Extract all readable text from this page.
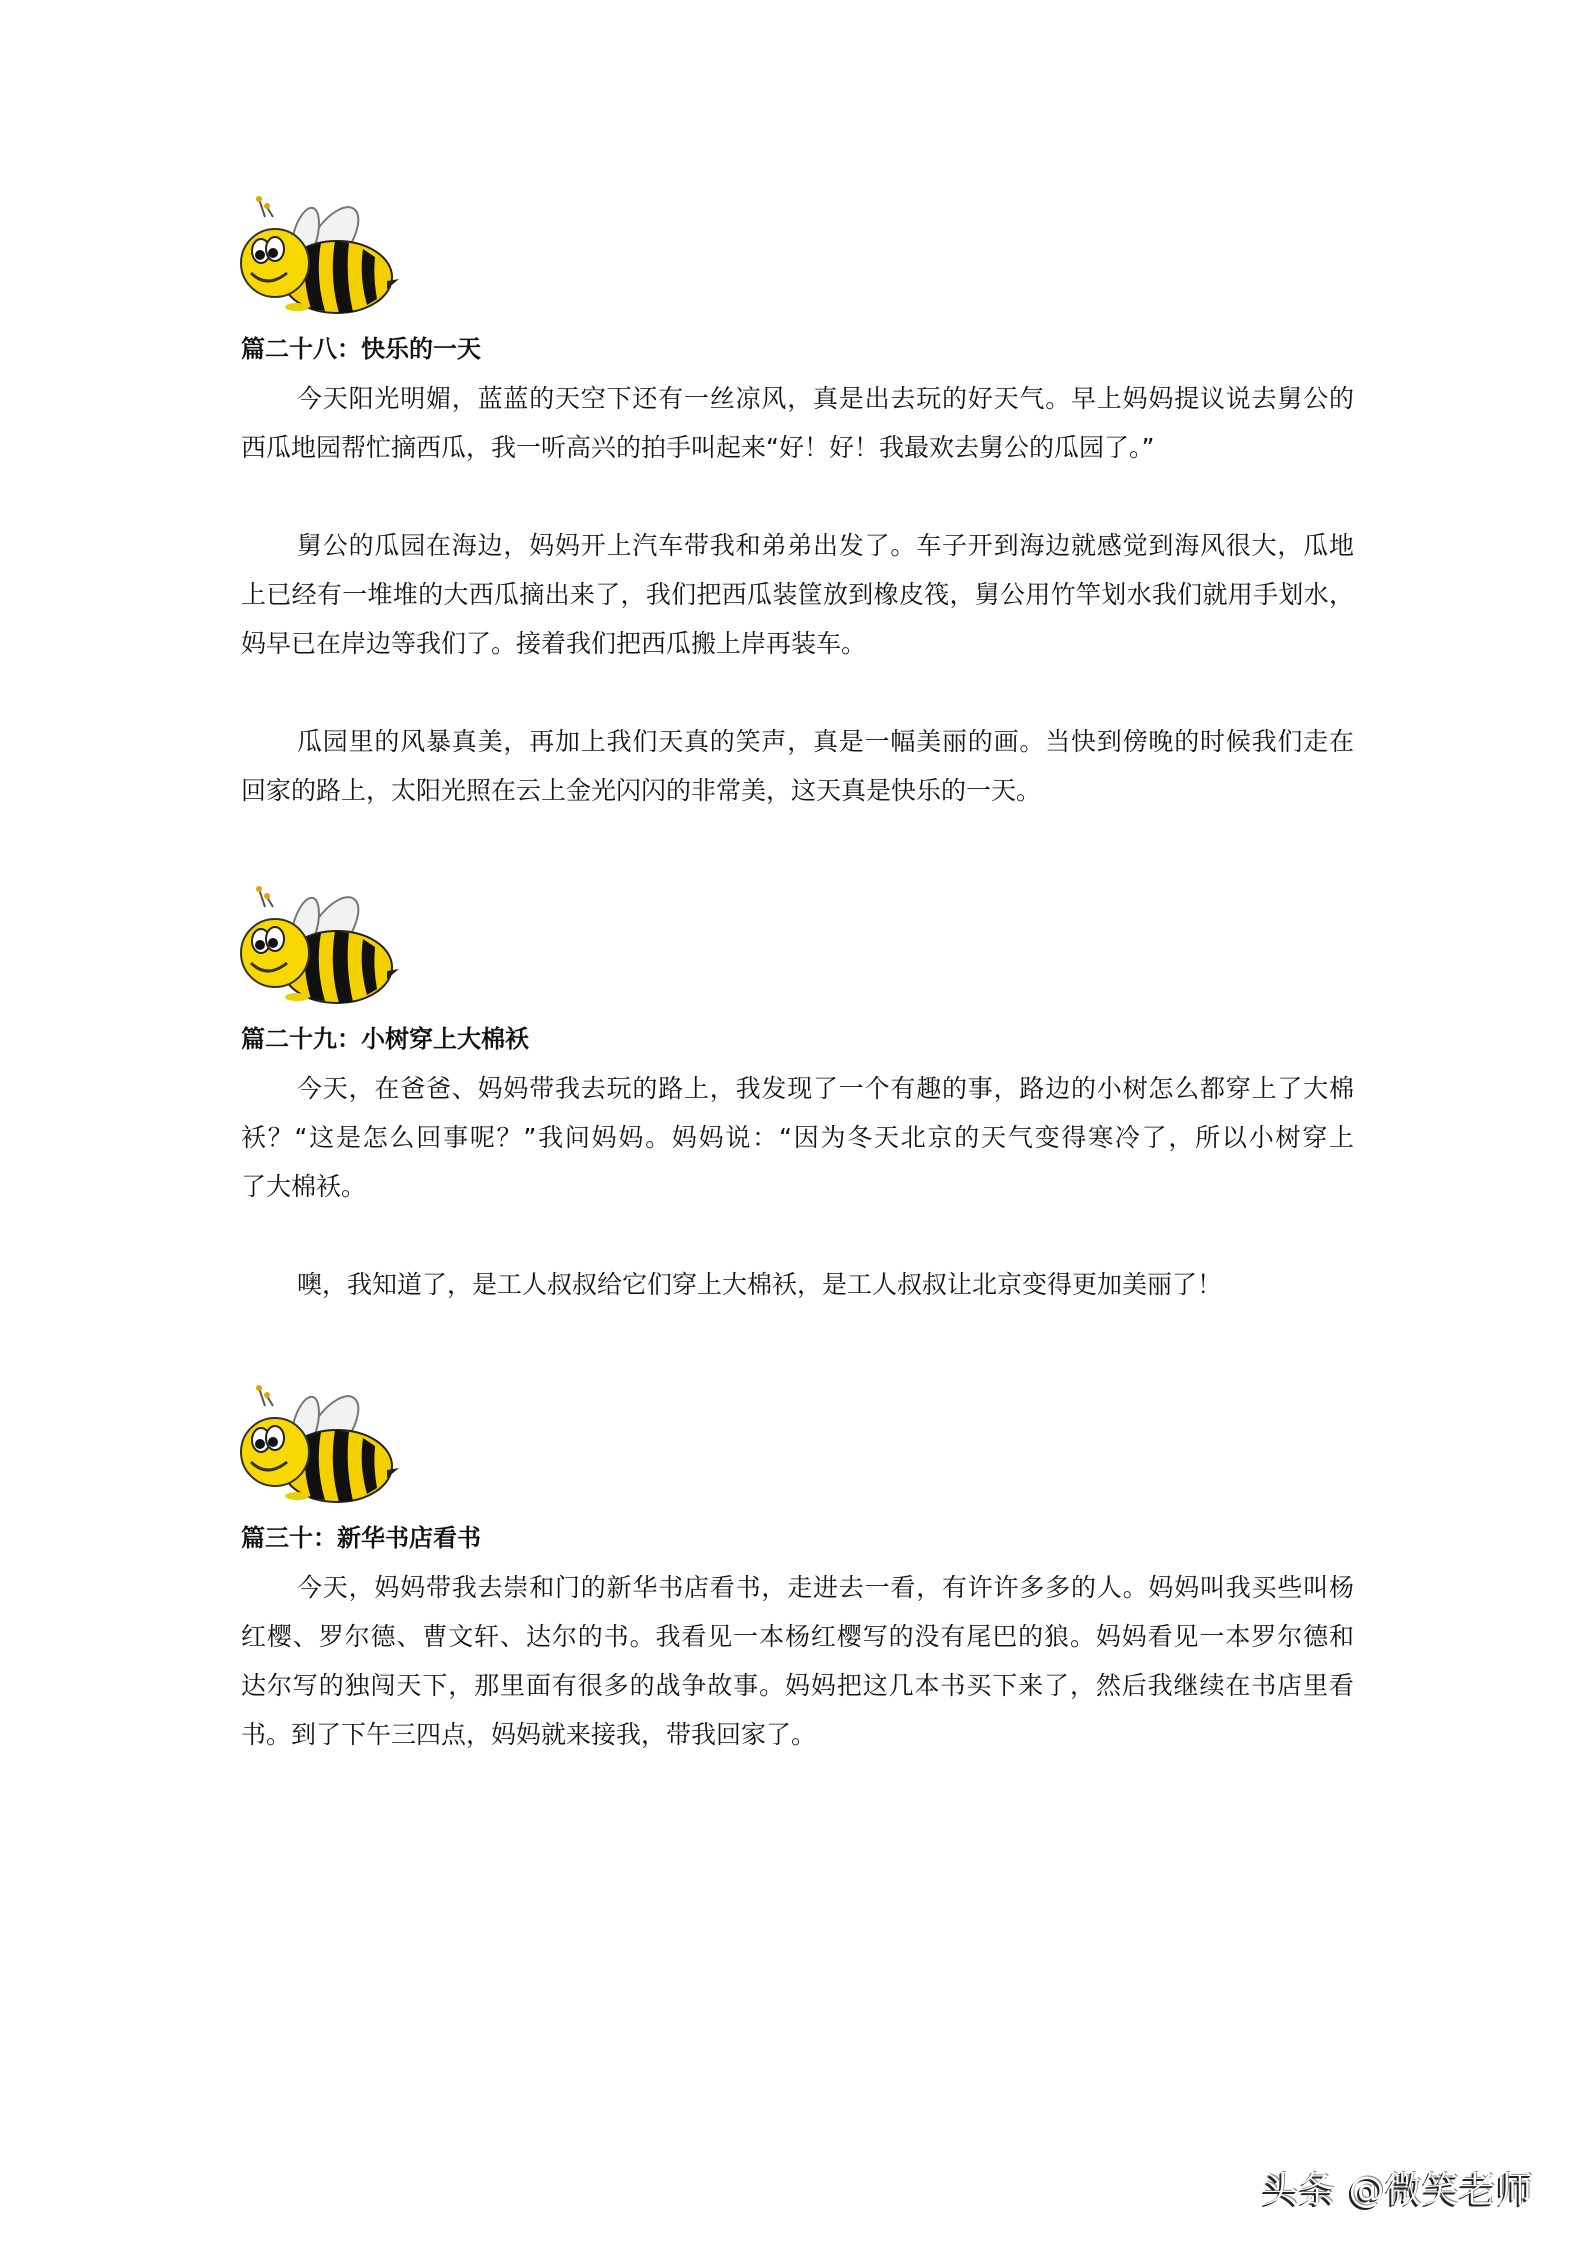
篇二十八：快乐的一天
今天阳光明媚，蓝蓝的天空下还有一丝凉风，真是出去玩的好天气。早上妈妈提议说去舅公的
西瓜地园帮忙摘西瓜，我一听高兴的拍手叫起来“好！好！我最欢去舅公的瓜园了。”
舅公的瓜园在海边，妈妈开上汽车带我和弟弟出发了。车子开到海边就感觉到海风很大，瓜地
上已经有一堆堆的大西瓜摘出来了，我们把西瓜装筐放到橡皮筏，舅公用竹竿划水我们就用手划水，
妈早已在岸边等我们了。接着我们把西瓜搬上岸再装车。
瓜园里的风暴真美，再加上我们天真的笑声，真是一幅美丽的画。当快到傍晚的时候我们走在
回家的路上，太阳光照在云上金光闪闪的非常美，这天真是快乐的一天。
篇二十九：小树穿上大棉袄
今天，在爸爸、妈妈带我去玩的路上，我发现了一个有趣的事，路边的小树怎么都穿上了大棉
袄？“这是怎么回事呢？”我问妈妈。妈妈说：“因为冬天北京的天气变得寒冷了，所以小树穿上
了大棉袄。
噢，我知道了，是工人叔叔给它们穿上大棉袄，是工人叔叔让北京变得更加美丽了！
篇三十：新华书店看书
今天，妈妈带我去崇和门的新华书店看书，走进去一看，有许许多多的人。妈妈叫我买些叫杨
红樱、罗尔德、曹文轩、达尔的书。我看见一本杨红樱写的没有尾巴的狼。妈妈看见一本罗尔德和
达尔写的独闯天下，那里面有很多的战争故事。妈妈把这几本书买下来了，然后我继续在书店里看
书。到了下午三四点，妈妈就来接我，带我回家了。
头条 @微笑老师
